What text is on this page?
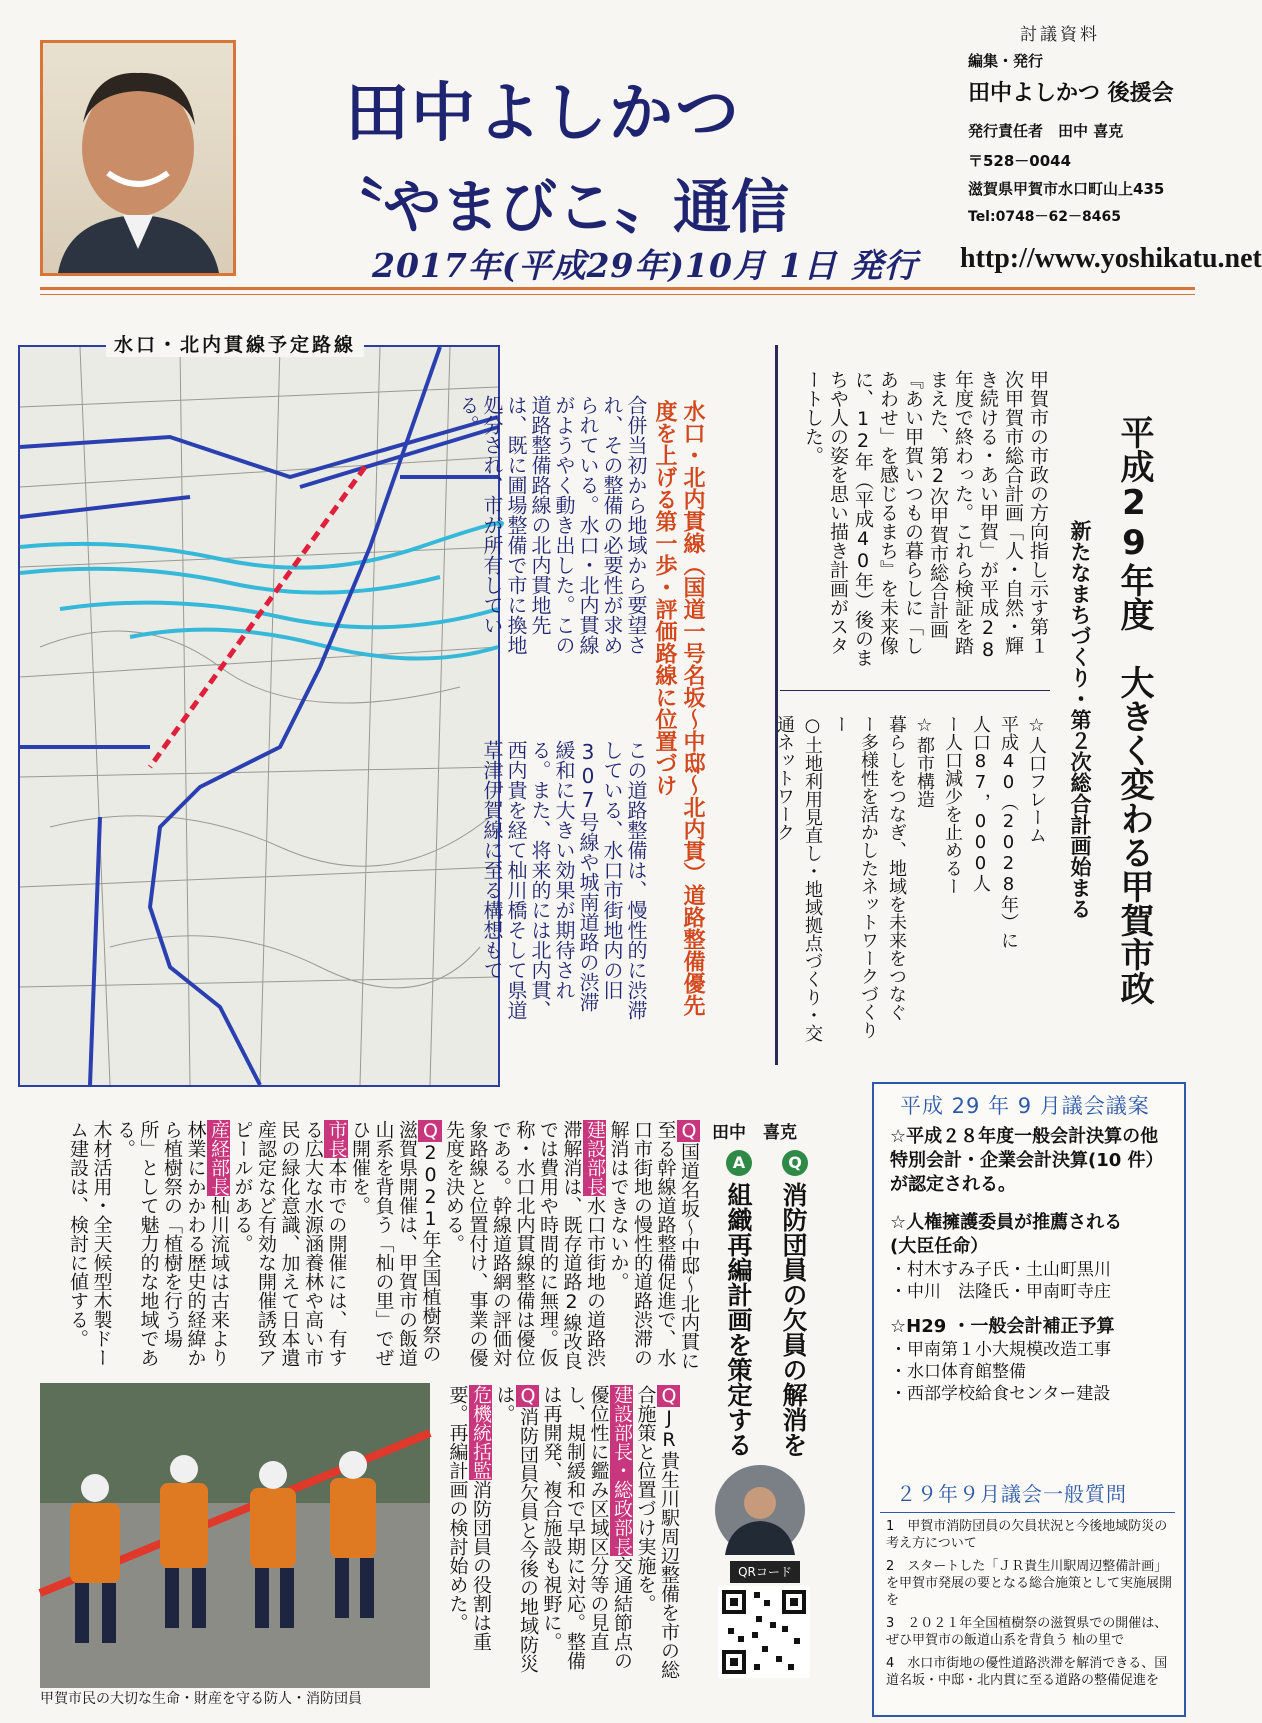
田中よしかつ
〝やまびこ〟通信
2017年(平成29年)10月 1日 発行
討議資料
編集・発行
田中よしかつ 後援会
発行責任者　田中 喜克
〒528－0044
滋賀県甲賀市水口町山上435
Tel:0748－62－8465
http://www.yoshikatu.net
水口・北内貫線予定路線
水口・北内貫線（国道一号名坂～中邸～北内貫）道路整備優先度を上げる第一歩・評価路線に位置づけ
合併当初から地域から要望され、その整備の必要性が求められている。水口・北内貫線がようやく動き出した。この道路整備路線の北内貫地先は、既に圃場整備で市に換地処分され、市が所有している。
この道路整備は、慢性的に渋滞している、水口市街地内の旧307号線や城南道路の渋滞緩和に大きい効果が期待される。また、将来的には北内貫、西内貴を経て杣川橋そして県道草津伊賀線に至る構想もて	平成29年度　大きく変わる甲賀市政
新たなまちづくり・第２次総合計画始まる
甲賀市の市政の方向指し示す第１次甲賀市総合計画「人・自然・輝き続ける・あい甲賀」が平成28年度で終わった。これら検証を踏まえた、第2次甲賀市総合計画『あい甲賀いつもの暮らしに「しあわせ」を感じるまち』を未来像に、12年（平成40年）後のまちや人の姿を思い描き計画がスタートした。
☆人口フレーム
平成40（2028年）に
人口87，000人
ー人口減少を止めるー
☆都市構造
暮らしをつなぎ、地域を未来をつなぐ
ー多様性を活かしたネットワークづくりー
○土地利用見直し・地域拠点づくり・交通ネットワーク
田中　喜克
Q
A
消防団員の欠員の解消を
組織再編計画を策定する

Q国道名坂～中邸～北内貫に至る幹線道路整備促進で、水口市街地の慢性的道路渋滞の解消はできないか。

建設部長水口市街地の道路渋滞解消は、既存道路2線改良では費用や時間的に無理。仮称・水口北内貫線整備は優位である。幹線道路網の評価対象路線と位置付け、事業の優先度を決める。

Q2021年全国植樹祭の滋賀県開催は、甲賀市の飯道山系を背負う「杣の里」でぜひ開催を。

市長本市での開催には、有する広大な水源涵養林や高い市民の緑化意識、加えて日本遺産認定など有効な開催誘致アピールがある。

産経部長杣川流域は古来より林業にかかわる歴史的経緯から植樹祭の「植樹を行う場所」として魅力的な地域である。

木材活用・全天候型木製ドーム建設は、検討に値する。

QJR貴生川駅周辺整備を市の総合施策と位置づけ実施を。

建設部長・総政部長交通結節点の優位性に鑑み区域区分等の見直し、規制緩和で早期に対応。整備は再開発、複合施設も視野に。

Q消防団員欠員と今後の地域防災は。

危機統括監消防団員の役割は重要。再編計画の検討始めた。	QRコード
甲賀市民の大切な生命・財産を守る防人・消防団員
平成 29 年 9 月議会議案
☆平成２８年度一般会計決算の他　特別会計・企業会計決算(10 件）が認定される。
☆人権擁護委員が推薦される　　(大臣任命）
・村木すみ子氏・土山町黒川
・中川　法隆氏・甲南町寺庄
☆H29 ・一般会計補正予算
・甲南第１小大規模改造工事
・水口体育館整備
・西部学校給食センター建設
２９年９月議会一般質問
1　甲賀市消防団員の欠員状況と今後地域防災の考え方について
2　スタートした「ＪＲ貴生川駅周辺整備計画」を甲賀市発展の要となる総合施策として実施展開を
3　２０２１年全国植樹祭の滋賀県での開催は、ぜひ甲賀市の飯道山系を背負う 杣の里で
4　水口市街地の優性道路渋滞を解消できる、国道名坂・中邸・北内貫に至る道路の整備促進を
